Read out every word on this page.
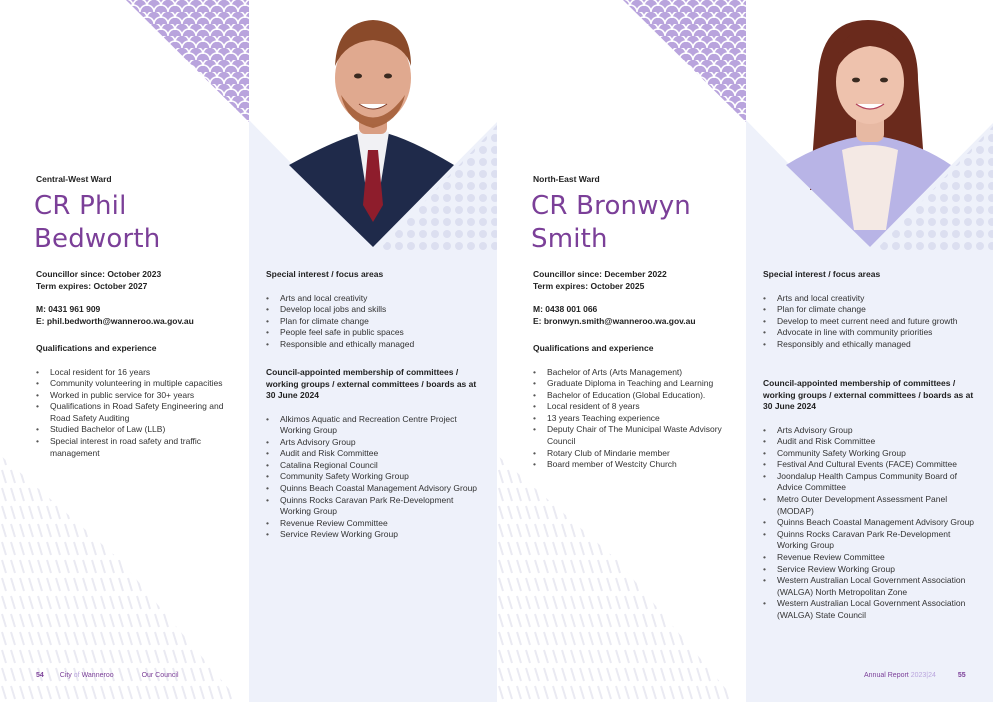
Central-West Ward
CR Phil
Bedworth
Councillor since: October 2023
Term expires: October 2027
M: 0431 961 909
E: phil.bedworth@wanneroo.wa.gov.au
Qualifications and experience
• Local resident for 16 years
• Community volunteering in multiple capacities
• Worked in public service for 30+ years
• Qualifications in Road Safety Engineering and Road Safety Auditing
• Studied Bachelor of Law (LLB)
• Special interest in road safety and traffic management
54 City of Wanneroo	Our Council
Special interest / focus areas
• Arts and local creativity
• Develop local jobs and skills
• Plan for climate change
• People feel safe in public spaces
• Responsible and ethically managed
Council-appointed membership of committees / working groups / external committees / boards as at 30 June 2024
• Alkimos Aquatic and Recreation Centre Project Working Group
• Arts Advisory Group
• Audit and Risk Committee
• Catalina Regional Council
• Community Safety Working Group
• Quinns Beach Coastal Management Advisory Group
• Quinns Rocks Caravan Park Re-Development Working Group
• Revenue Review Committee
• Service Review Working Group
North-East Ward
CR Bronwyn
Smith
Councillor since: December 2022
Term expires: October 2025
M: 0438 001 066
E: bronwyn.smith@wanneroo.wa.gov.au
Qualifications and experience
• Bachelor of Arts (Arts Management)
• Graduate Diploma in Teaching and Learning
• Bachelor of Education (Global Education).
• Local resident of 8 years
• 13 years Teaching experience
• Deputy Chair of The Municipal Waste Advisory Council
• Rotary Club of Mindarie member
• Board member of Westcity Church
Special interest / focus areas
• Arts and local creativity
• Plan for climate change
• Develop to meet current need and future growth
• Advocate in line with community priorities
• Responsibly and ethically managed
Council-appointed membership of committees / working groups / external committees / boards as at 30 June 2024
• Arts Advisory Group
• Audit and Risk Committee
• Community Safety Working Group
• Festival And Cultural Events (FACE) Committee
• Joondalup Health Campus Community Board of Advice Committee
• Metro Outer Development Assessment Panel (MODAP)
• Quinns Beach Coastal Management Advisory Group
• Quinns Rocks Caravan Park Re-Development Working Group
• Revenue Review Committee
• Service Review Working Group
• Western Australian Local Government Association (WALGA) North Metropolitan Zone
• Western Australian Local Government Association (WALGA) State Council
Annual Report 2023|24	55
